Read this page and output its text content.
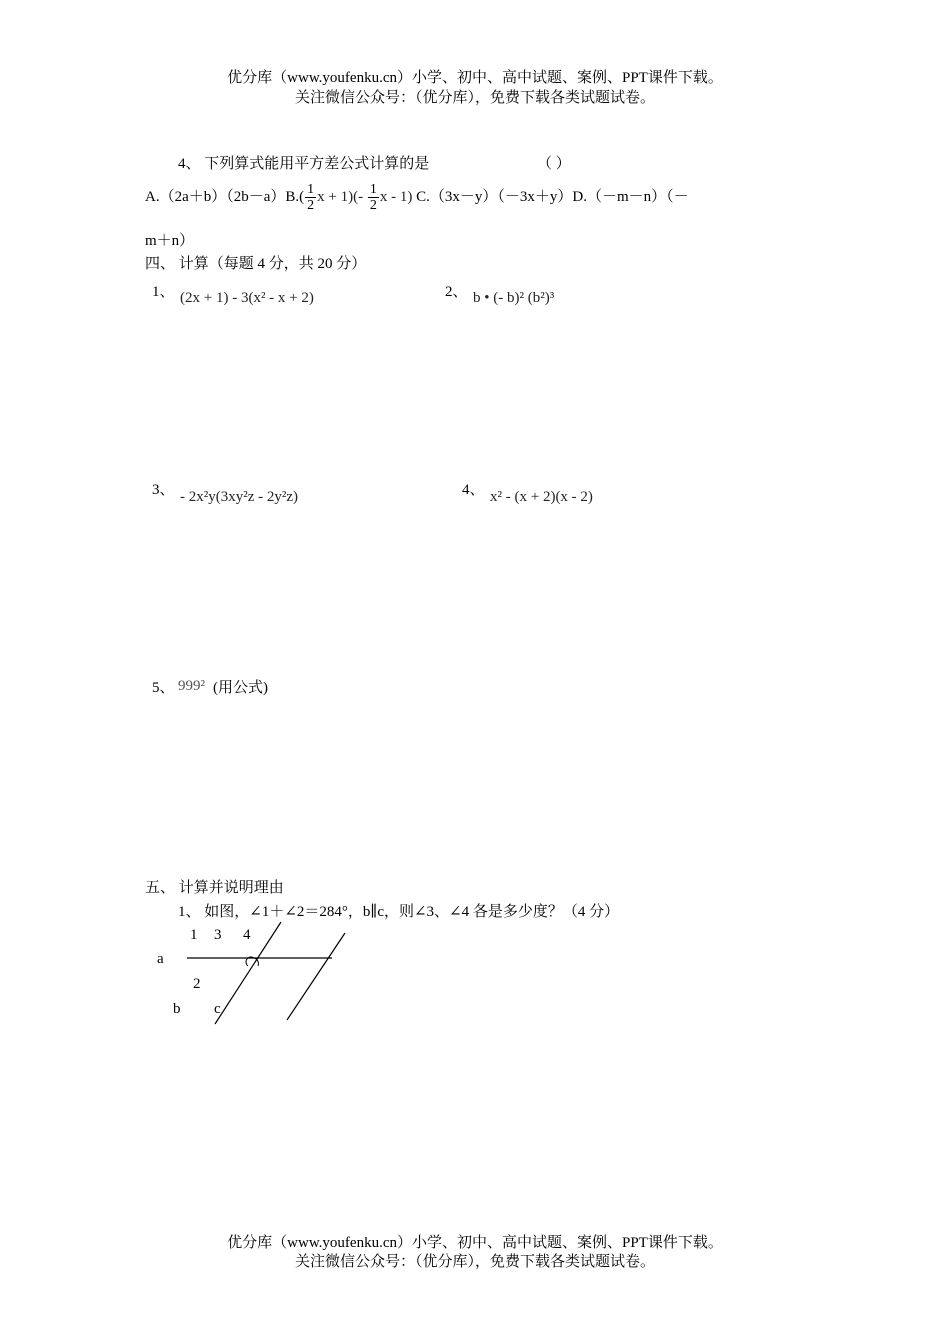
优分库（www.youfenku.cn）小学、初中、高中试题、案例、PPT课件下载。
关注微信公众号：（优分库），免费下载各类试题试卷。
4、 下列算式能用平方差公式计算的是	（ ）
$A.(2a+b)(2b-a)B.( \frac{1}{2}$ $x + 1)(- \frac{1}{2}$ x - 1) C.（3x－y）（－3x＋y）D.（－m－n）（－
m＋n）
四、 计算（每题 4 分，共 20 分）
1、 (2x + 1) - 3(x² - x + 2)	2、 b • (- b)² (b²)³
3、 - 2x²y(3xy²z - 2y²z)	4、 x² - (x + 2)(x - 2)
5、 999² (用公式)
五、 计算并说明理由
1、 如图，∠1＋∠2＝284°，b∥c，则∠3、∠4 各是多少度？（4 分）
1 3 4
a
2
b c
优分库（www.youfenku.cn）小学、初中、高中试题、案例、PPT课件下载。
关注微信公众号：（优分库），免费下载各类试题试卷。
